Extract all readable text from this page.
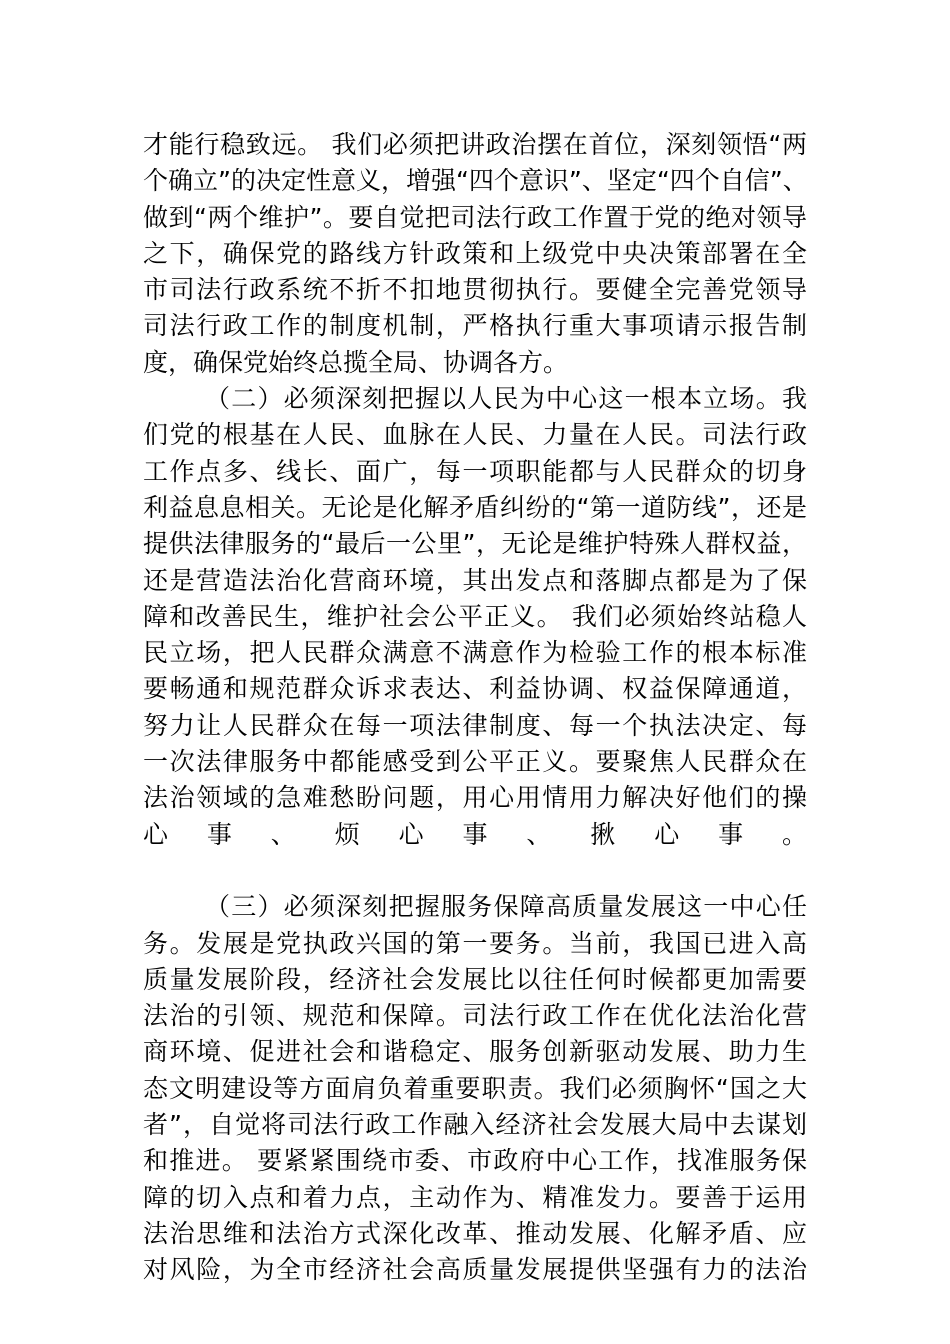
才能行稳致远。 我们必须把讲政治摆在首位，深刻领悟“两
个确立”的决定性意义，增强“四个意识”、坚定“四个自信”、
做到“两个维护”。要自觉把司法行政工作置于党的绝对领导
之下，确保党的路线方针政策和上级党中央决策部署在全
市司法行政系统不折不扣地贯彻执行。要健全完善党领导
司法行政工作的制度机制，严格执行重大事项请示报告制
度，确保党始终总揽全局、协调各方。
（二）必须深刻把握以人民为中心这一根本立场。我
们党的根基在人民、血脉在人民、力量在人民。司法行政
工作点多、线长、面广，每一项职能都与人民群众的切身
利益息息相关。无论是化解矛盾纠纷的“第一道防线”，还是
提供法律服务的“最后一公里”，无论是维护特殊人群权益，
还是营造法治化营商环境，其出发点和落脚点都是为了保
障和改善民生，维护社会公平正义。 我们必须始终站稳人
民立场，把人民群众满意不满意作为检验工作的根本标准
要畅通和规范群众诉求表达、利益协调、权益保障通道，
努力让人民群众在每一项法律制度、每一个执法决定、每
一次法律服务中都能感受到公平正义。要聚焦人民群众在
法治领域的急难愁盼问题，用心用情用力解决好他们的操
心事、烦心事、揪心事。
（三）必须深刻把握服务保障高质量发展这一中心任
务。发展是党执政兴国的第一要务。当前，我国已进入高
质量发展阶段，经济社会发展比以往任何时候都更加需要
法治的引领、规范和保障。司法行政工作在优化法治化营
商环境、促进社会和谐稳定、服务创新驱动发展、助力生
态文明建设等方面肩负着重要职责。我们必须胸怀“国之大
者”，自觉将司法行政工作融入经济社会发展大局中去谋划
和推进。 要紧紧围绕市委、市政府中心工作，找准服务保
障的切入点和着力点，主动作为、精准发力。要善于运用
法治思维和法治方式深化改革、推动发展、化解矛盾、应
对风险，为全市经济社会高质量发展提供坚强有力的法治
